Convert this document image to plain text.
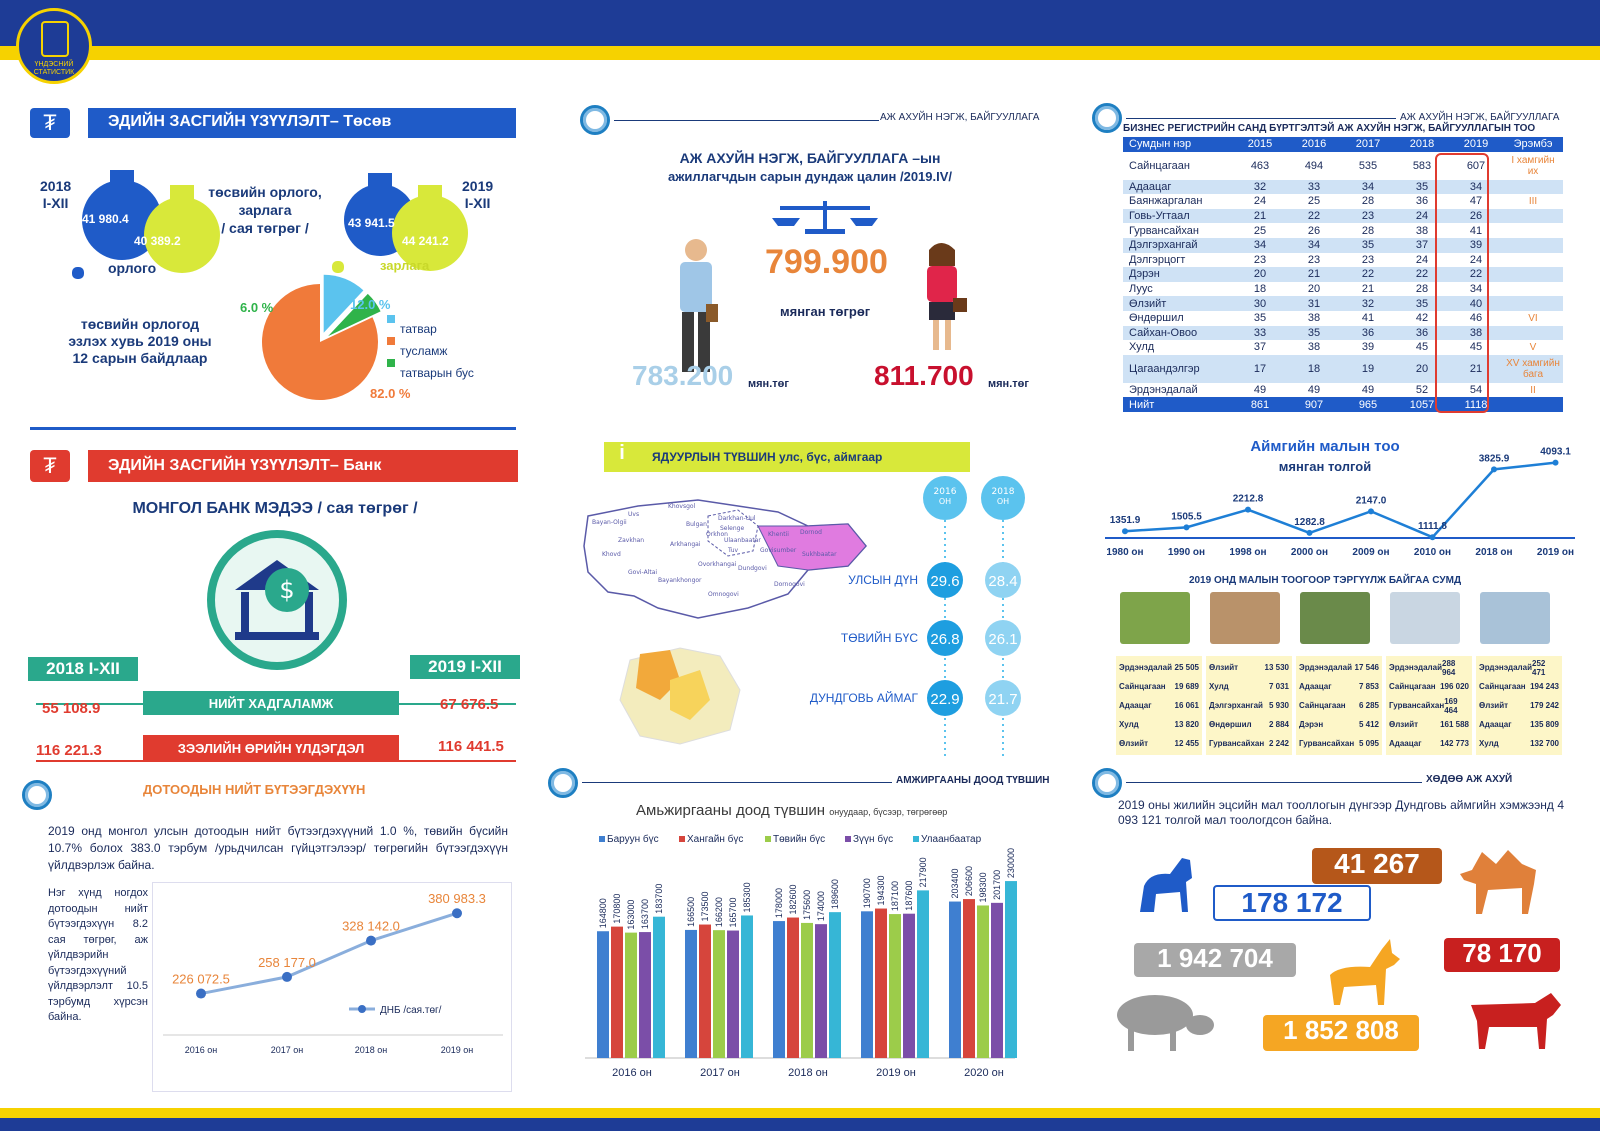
ҮНДЭСНИЙ СТАТИСТИК
₮	ЭДИЙН ЗАСГИЙН ҮЗҮҮЛЭЛТ– Төсөв
2018
I-XII
2019
I-XII
41 980.4
40 389.2
43 941.5
44 241.2
төсвийн орлого,
зарлага
/ сая төгрөг /
орлого	зарлага
төсвийн орлогод
эзлэх хувь 2019 оны
12 сарын байдлаар
6.0 %	12.0 %
82.0 %
татвар
тусламж
татварын бус
₮	ЭДИЙН ЗАСГИЙН ҮЗҮҮЛЭЛТ– Банк
МОНГОЛ БАНК МЭДЭЭ / сая төгрөг /
$
2018 I-XII	2019 I-XII
НИЙТ ХАДГАЛАМЖ
55 108.9	67 676.5
ЗЭЭЛИЙН ӨРИЙН ҮЛДЭГДЭЛ
116 221.3	116 441.5
ДОТООДЫН НИЙТ БҮТЭЭГДЭХҮҮН
2019 онд монгол улсын дотоодын нийт бүтээгдэхүүний 1.0 %, төвийн бүсийн 10.7% болох 383.0 тэрбум /урьдчилсан гүйцэтгэлээр/ төгрөгийн бүтээгдэхүүн үйлдвэрлэж байна.
Нэг хүнд ногдох дотоодын нийт бүтээгдэхүүн 8.2 сая төгрөг, аж үйлдвэрийн бүтээгдэхүүний үйлдвэрлэлт 10.5 тэрбумд хүрсэн байна.
226 072.5
2016 он
258 177.0
2017 он
328 142.0
2018 он
380 983.3
2019 он
ДНБ /сая.төг/
АЖ АХУЙН НЭГЖ, БАЙГУУЛЛАГА
АЖ АХУЙН НЭГЖ, БАЙГУУЛЛАГА –ын
ажиллагчдын сарын дундаж цалин /2019.IV/
799.900
мянган төгрөг
783.200 мян.төг	811.700 мян.төг
АЖ АХУЙН НЭГЖ, БАЙГУУЛЛАГА
БИЗНЕС РЕГИСТРИЙН САНД БҮРТГЭЛТЭЙ АЖ АХУЙН НЭГЖ, БАЙГУУЛЛАГЫН ТОО
Сумдын нэр	2015	2016	2017	2018	2019	Эрэмбэ
Сайнцагаан	463	494	535	583	607	I хамгийн их
Адаацаг	32	33	34	35	34	
Баянжаргалан	24	25	28	36	47	III
Говь-Угтаал	21	22	23	24	26	
Гурвансайхан	25	26	28	38	41	
Дэлгэрхангай	34	34	35	37	39	
Дэлгэрцогт	23	23	23	24	24	
Дэрэн	20	21	22	22	22	
Луус	18	20	21	28	34	
Өлзийт	30	31	32	35	40	
Өндөршил	35	38	41	42	46	VI
Сайхан-Овоо	33	35	36	36	38	
Хулд	37	38	39	45	45	V
Цагаандэлгэр	17	18	19	20	21	XV хамгийн бага
Эрдэнэдалай	49	49	49	52	54	II
Нийт	861	907	965	1057	1118	
i	ЯДУУРЛЫН ТҮВШИН улс, бүс, аймгаар
Bayan-Olgii
Uvs
Khovsgol
Darkhan-Uul
Selenge
Bulgan
Orkhon	Khentii Dornod
Zavkhan
Arkhangai
Tuv
Ulaanbaatar
Khovd
Govisumber
Sukhbaatar
Govi-Altai
Bayankhongor
Ovorkhangai
Dundgovi
Dornogovi
Omnogovi
2016
ОН
2018
ОН
УЛСЫН ДҮН 29.6 28.4
ТӨВИЙН БҮС 26.8 26.1
ДУНДГОВЬ АЙМАГ 22.9 21.7
Аймгийн малын тоо
мянган толгой
1351.9
1980 он
1505.5
1990 он
2212.8
1998 он
1282.8
2000 он
2147.0
2009 он
1111.8
2010 он
3825.9
2018 он
4093.1
2019 он
2019 ОНД МАЛЫН ТООГООР ТЭРГҮҮЛЖ БАЙГАА СУМД
Эрдэнэдалай 25 505
Сайнцагаан 19 689
Адаацаг	16 061
Хулд	13 820
Өлзийт	12 455
Өлзийт	13 530
Хулд	7 031
Дэлгэрхангай 5 930
Өндөршил 2 884
Гурвансайхан 2 242
Эрдэнэдалай 17 546
Адаацаг	7 853
Сайнцагаан 6 285
Дэрэн	5 412
Гурвансайхан 5 095
Эрдэнэдалай 288 964
Сайнцагаан 196 020
Гурвансайхан 169 464
Өлзийт	161 588
Адаацаг 142 773
Эрдэнэдалай 252 471
Сайнцагаан 194 243
Өлзийт	179 242
Адаацаг 135 809
Хулд	132 700
АМЖИРГААНЫ ДООД ТҮВШИН
Амьжиргааны доод түвшин онуудаар, бүсээр, төгрөгөөр
Баруун бүс	Хангайн бүс	Төвийн бүс	Зүүн бүс	Улаанбаатар
164800 170800 163000 163700
183700
2016 он
166500 173500 166200 165700
185300
2017 он
178000 182600 175600 174000 189600
2018 он
190700 194300 187100 187600
217900
2019 он
203400 206600 198300 201700
230000
2020 он
ХӨДӨӨ АЖ АХУЙ
2019 оны жилийн эцсийн мал тооллогын дүнгээр Дундговь аймгийн хэмжээнд 4 093 121 толгой мал тоологдсон байна.
178 172
41 267
1 942 704	78 170
1 852 808
